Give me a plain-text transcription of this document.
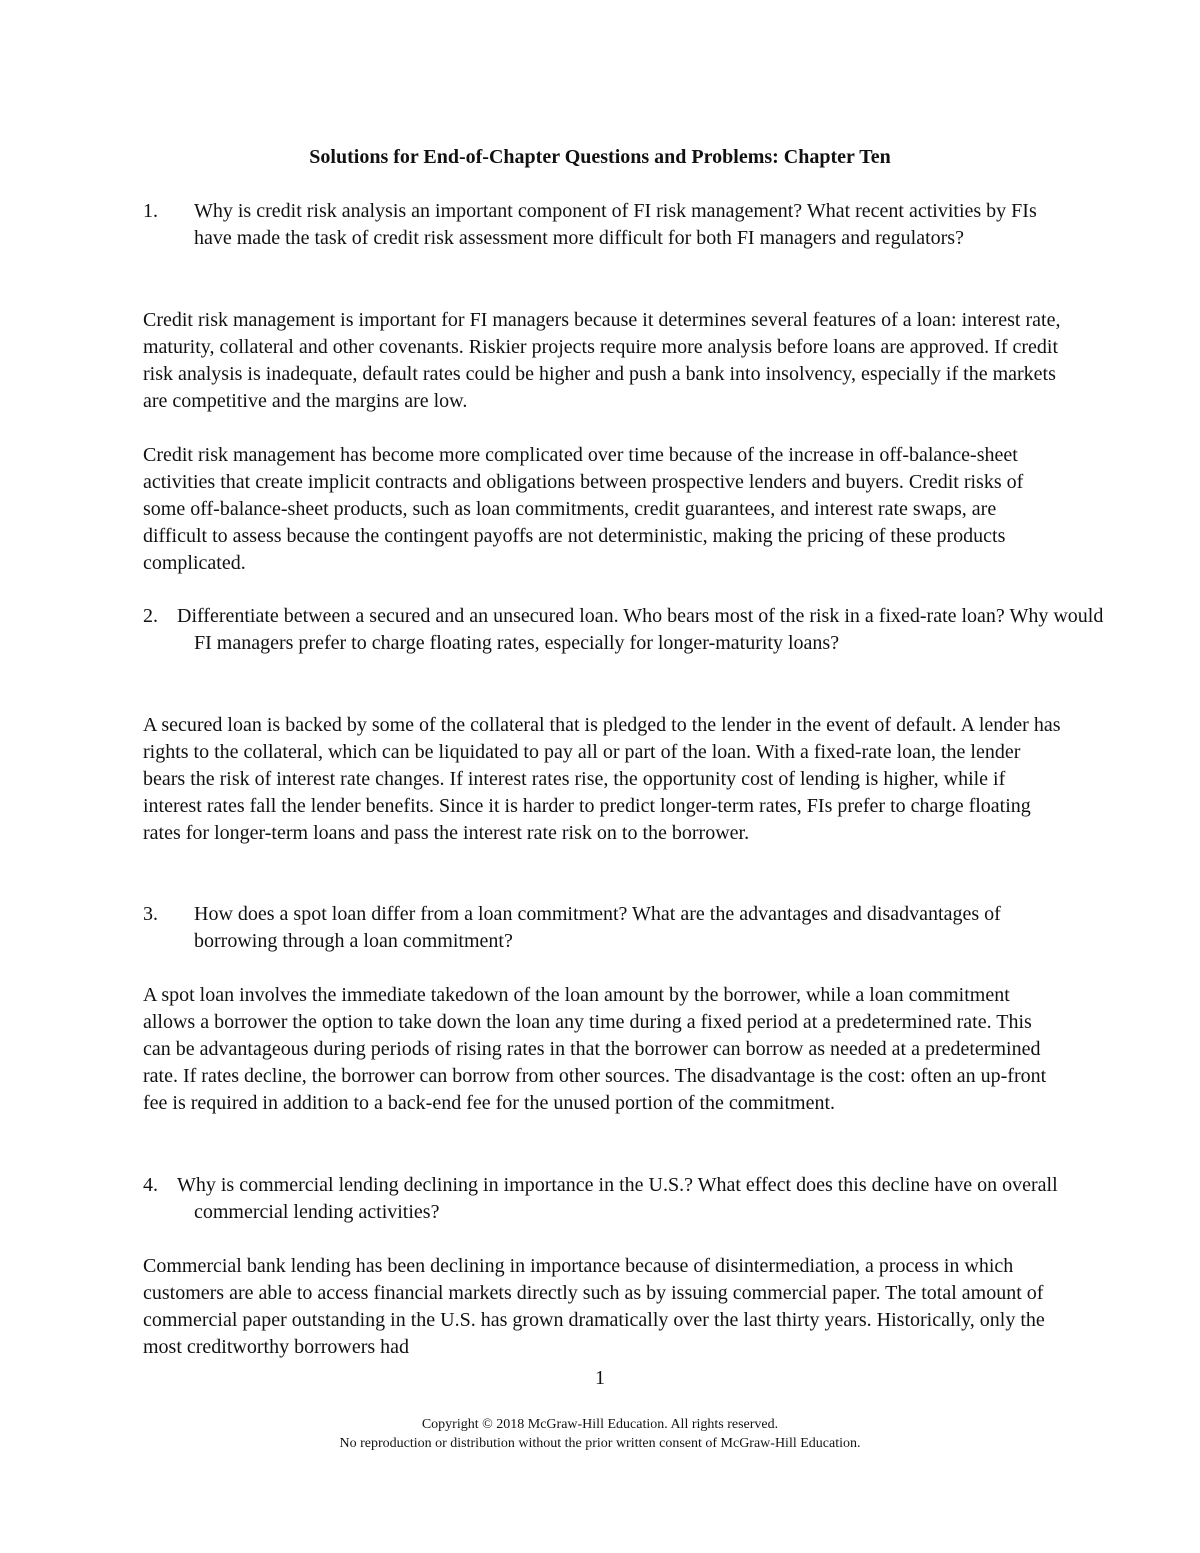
Solutions for End-of-Chapter Questions and Problems: Chapter Ten
1.	Why is credit risk analysis an important component of FI risk management? What recent activities by FIs have made the task of credit risk assessment more difficult for both FI managers and regulators?

Credit risk management is important for FI managers because it determines several features of a loan: interest rate, maturity, collateral and other covenants. Riskier projects require more analysis before loans are approved. If credit risk analysis is inadequate, default rates could be higher and push a bank into insolvency, especially if the markets are competitive and the margins are low.

Credit risk management has become more complicated over time because of the increase in off-balance-sheet activities that create implicit contracts and obligations between prospective lenders and buyers. Credit risks of some off-balance-sheet products, such as loan commitments, credit guarantees, and interest rate swaps, are difficult to assess because the contingent payoffs are not deterministic, making the pricing of these products complicated.

2. Differentiate between a secured and an unsecured loan. Who bears most of the risk in a fixed-rate loan? Why would FI managers prefer to charge floating rates, especially for longer-maturity loans?

A secured loan is backed by some of the collateral that is pledged to the lender in the event of default. A lender has rights to the collateral, which can be liquidated to pay all or part of the loan. With a fixed-rate loan, the lender bears the risk of interest rate changes. If interest rates rise, the opportunity cost of lending is higher, while if interest rates fall the lender benefits. Since it is harder to predict longer-term rates, FIs prefer to charge floating rates for longer-term loans and pass the interest rate risk on to the borrower.

3.	How does a spot loan differ from a loan commitment? What are the advantages and disadvantages of borrowing through a loan commitment?

A spot loan involves the immediate takedown of the loan amount by the borrower, while a loan commitment allows a borrower the option to take down the loan any time during a fixed period at a predetermined rate. This can be advantageous during periods of rising rates in that the borrower can borrow as needed at a predetermined rate. If rates decline, the borrower can borrow from other sources. The disadvantage is the cost: often an up-front fee is required in addition to a back-end fee for the unused portion of the commitment.

4. Why is commercial lending declining in importance in the U.S.? What effect does this decline have on overall commercial lending activities?

Commercial bank lending has been declining in importance because of disintermediation, a process in which customers are able to access financial markets directly such as by issuing commercial paper. The total amount of commercial paper outstanding in the U.S. has grown dramatically over the last thirty years. Historically, only the most creditworthy borrowers had

1

Copyright © 2018 McGraw-Hill Education. All rights reserved.
No reproduction or distribution without the prior written consent of McGraw-Hill Education.
